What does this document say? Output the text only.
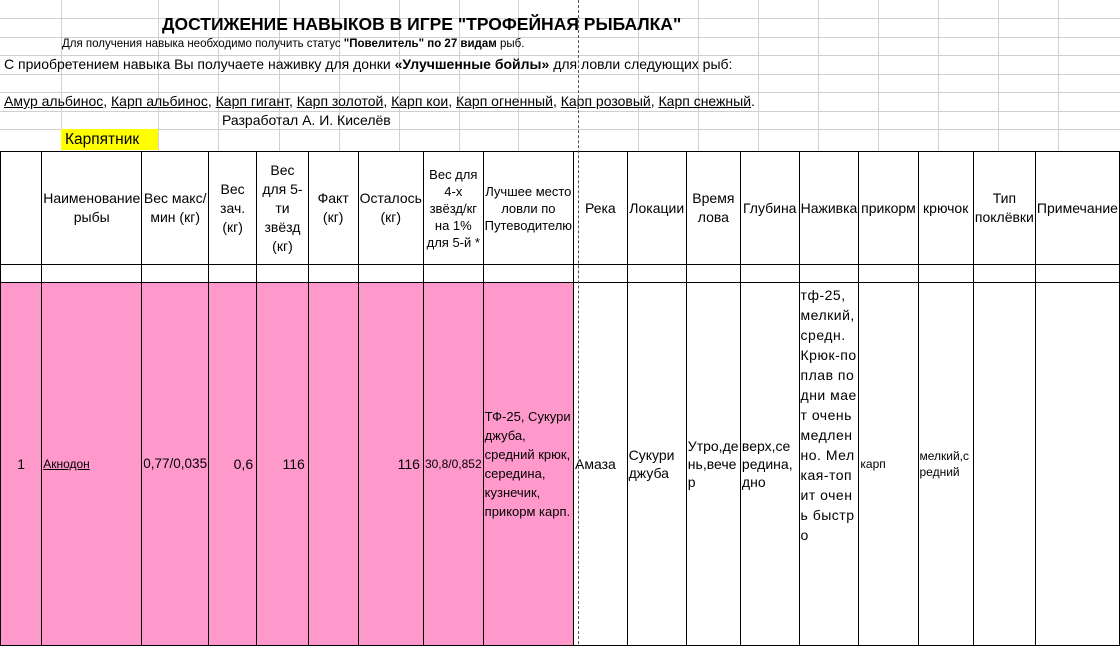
ДОСТИЖЕНИЕ НАВЫКОВ В ИГРЕ "ТРОФЕЙНАЯ РЫБАЛКА"
Для получения навыка необходимо получить статус "Повелитель" по 27 видам рыб.
С приобретением навыка Вы получаете наживку для донки «Улучшенные бойлы» для ловли следующих рыб:
Амур альбинос, Карп альбинос, Карп гигант, Карп золотой, Карп кои, Карп огненный, Карп розовый, Карп снежный.
Разработал А. И. Киселёв
Карпятник
	Наименование рыбы	Вес макс/мин (кг)	Вес зач. (кг)	Вес для 5-ти звёзд (кг)	Факт (кг)	Осталось (кг)	Вес для 4-х звёзд/кг на 1% для 5-й *	Лучшее место ловли по Путеводителю	Река	Локации	Время лова	Глубина	Наживка	прикорм	крючок	Тип поклёвки	Примечание

1	Акнодон	0,77/0,035	0,6	116		116	30,8/0,852	ТФ-25, Сукури джуба, средний крюк, середина, кузнечик, прикорм карп.	Амаза	Сукури джуба	Утро,день,вечер	верх,середина,дно	тф-25, мелкий,средн. Крюк-поплав подни мает очень медленно. Мелкая-топит очень быстро	карп	мелкий,средний		
